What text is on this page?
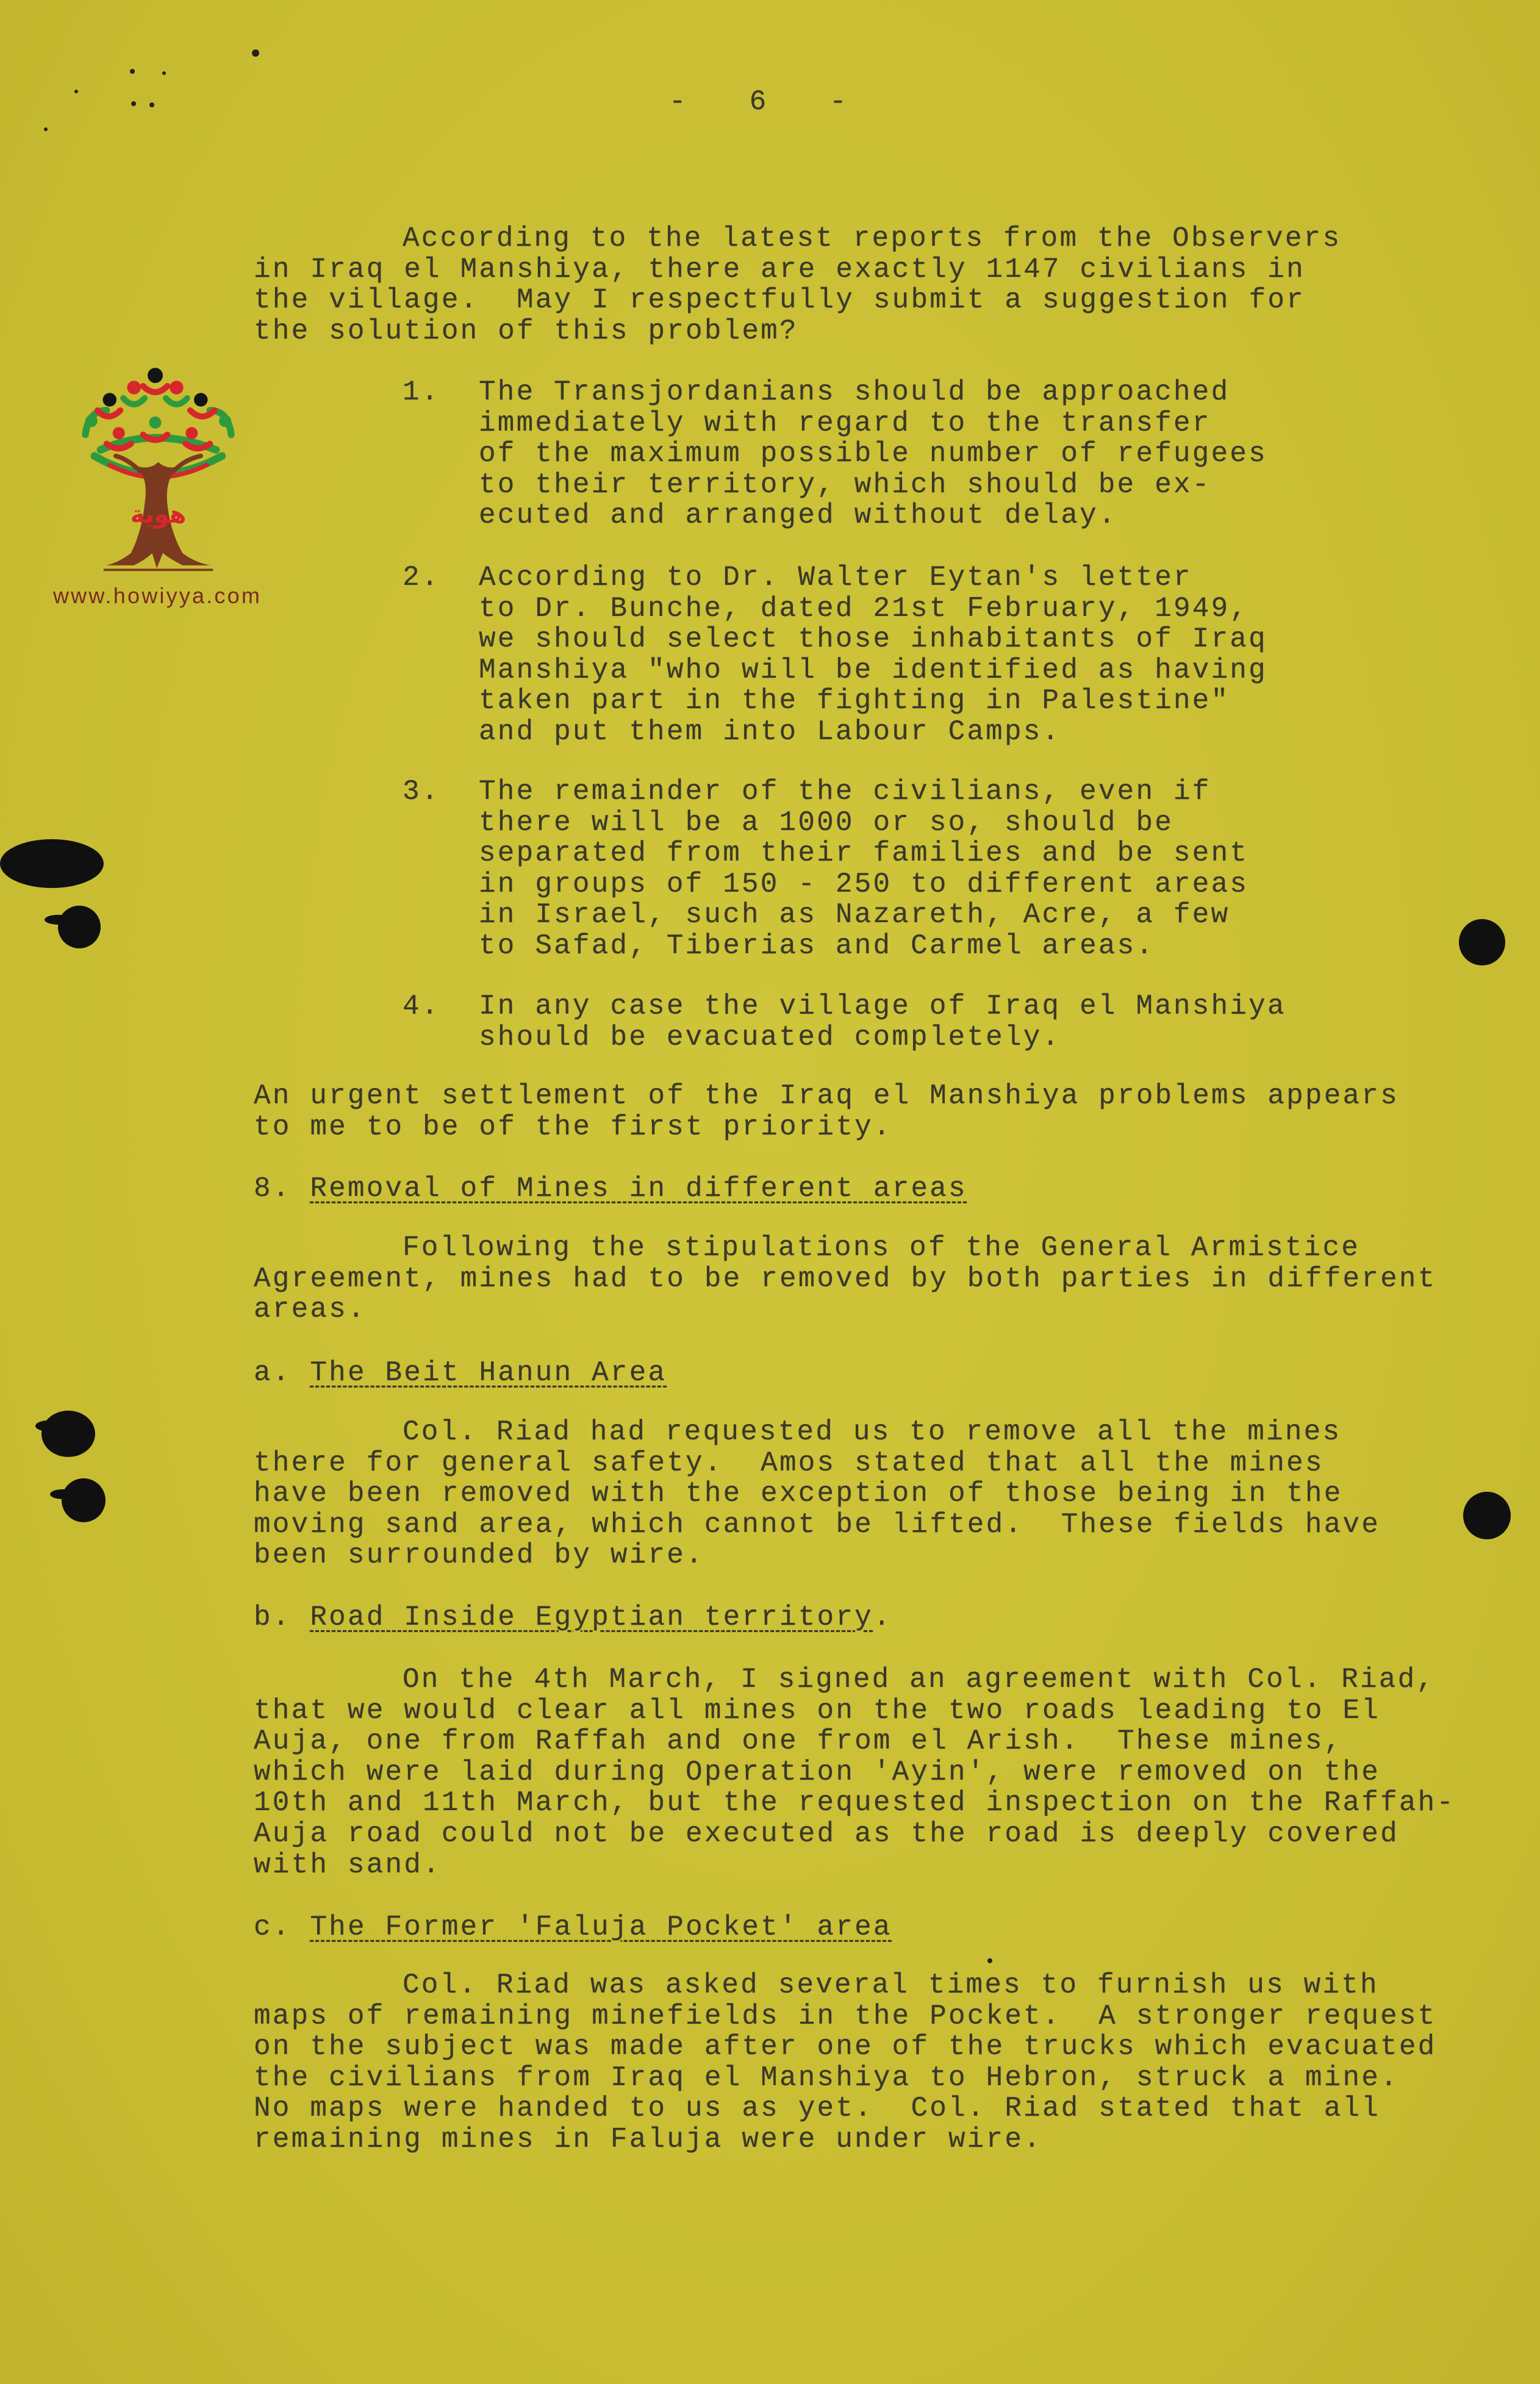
- 6 -
هوية
www.howiyya.com
According to the latest reports from the Observers
in Iraq el Manshiya, there are exactly 1147 civilians in
the village.  May I respectfully submit a suggestion for
the solution of this problem?
1. The Transjordanians should be approached
immediately with regard to the transfer
of the maximum possible number of refugees
to their territory, which should be ex-
ecuted and arranged without delay.
2. According to Dr. Walter Eytan's letter
to Dr. Bunche, dated 21st February, 1949,
we should select those inhabitants of Iraq
Manshiya "who will be identified as having
taken part in the fighting in Palestine"
and put them into Labour Camps.
3. The remainder of the civilians, even if
there will be a 1000 or so, should be
separated from their families and be sent
in groups of 150 - 250 to different areas
in Israel, such as Nazareth, Acre, a few
to Safad, Tiberias and Carmel areas.
4. In any case the village of Iraq el Manshiya
should be evacuated completely.
An urgent settlement of the Iraq el Manshiya problems appears
to me to be of the first priority.
8. Removal of Mines in different areas
Following the stipulations of the General Armistice
Agreement, mines had to be removed by both parties in different
areas.
a. The Beit Hanun Area
Col. Riad had requested us to remove all the mines
there for general safety.  Amos stated that all the mines
have been removed with the exception of those being in the
moving sand area, which cannot be lifted.  These fields have
been surrounded by wire.
b. Road Inside Egyptian territory.
On the 4th March, I signed an agreement with Col. Riad,
that we would clear all mines on the two roads leading to El
Auja, one from Raffah and one from el Arish.  These mines,
which were laid during Operation 'Ayin', were removed on the
10th and 11th March, but the requested inspection on the Raffah-
Auja road could not be executed as the road is deeply covered
with sand.
c. The Former 'Faluja Pocket' area
Col. Riad was asked several times to furnish us with
maps of remaining minefields in the Pocket.  A stronger request
on the subject was made after one of the trucks which evacuated
the civilians from Iraq el Manshiya to Hebron, struck a mine.
No maps were handed to us as yet.  Col. Riad stated that all
remaining mines in Faluja were under wire.
